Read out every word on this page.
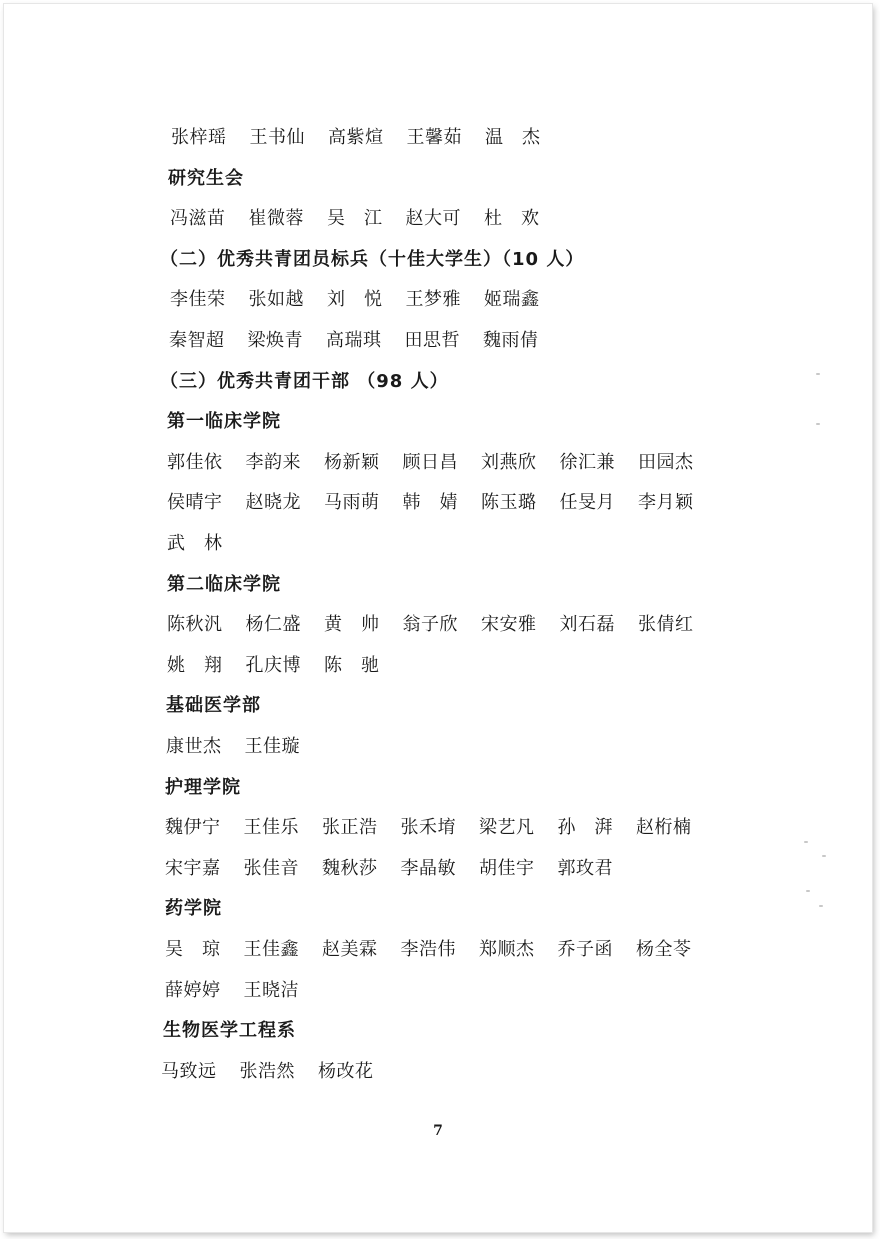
张梓瑶	王书仙	高紫煊	王馨茹	温　杰
研究生会
冯滋苗	崔微蓉	吴　江	赵大可	杜　欢
（二）优秀共青团员标兵（十佳大学生）（10 人）
李佳荣	张如越	刘　悦	王梦雅	姬瑞鑫
秦智超	梁焕青	高瑞琪	田思哲	魏雨倩
（三）优秀共青团干部 （98 人）
第一临床学院
郭佳依	李韵来	杨新颖	顾日昌	刘燕欣	徐汇兼	田园杰
侯晴宇	赵晓龙	马雨萌	韩　婧	陈玉璐	任旻月	李月颖
武　林
第二临床学院
陈秋汎	杨仁盛	黄　帅	翁子欣	宋安雅	刘石磊	张倩红
姚　翔	孔庆博	陈　驰
基础医学部
康世杰	王佳璇
护理学院
魏伊宁	王佳乐	张正浩	张禾堉	梁艺凡	孙　湃	赵桁楠
宋宇嘉	张佳音	魏秋莎	李晶敏	胡佳宇	郭玫君
药学院
吴　琼	王佳鑫	赵美霖	李浩伟	郑顺杰	乔子函	杨全苓
薛婷婷	王晓洁
生物医学工程系
马致远	张浩然	杨改花
7
